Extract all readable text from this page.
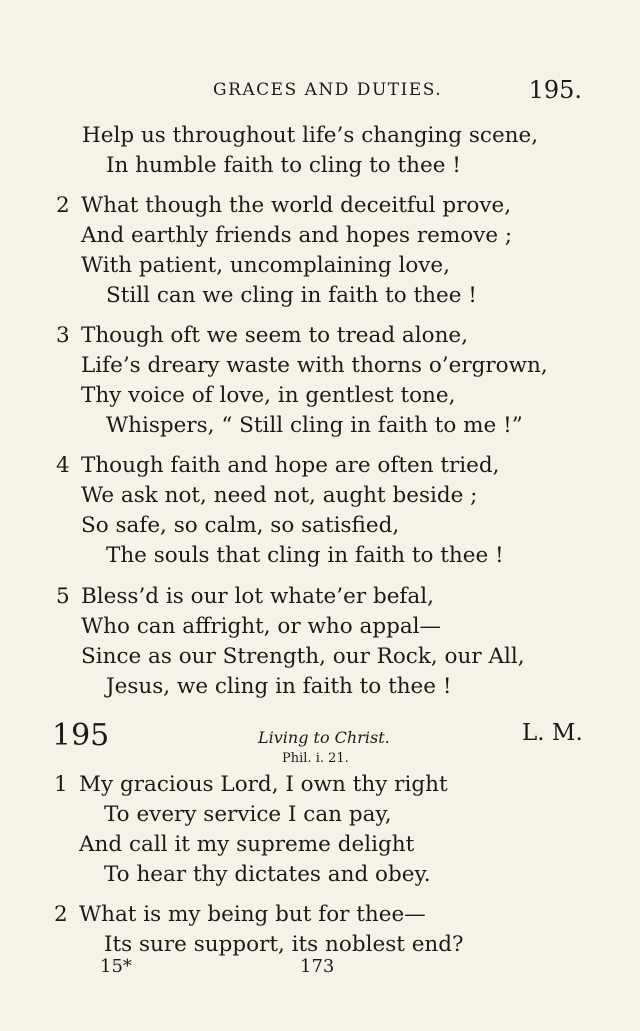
GRACES AND DUTIES.	195.
Help us throughout life’s changing scene,
In humble faith to cling to thee !
2 What though the world deceitful prove,
And earthly friends and hopes remove ;
With patient, uncomplaining love,
Still can we cling in faith to thee !
3 Though oft we seem to tread alone,
Life’s dreary waste with thorns o’ergrown,
Thy voice of love, in gentlest tone,
Whispers, “ Still cling in faith to me !”
4 Though faith and hope are often tried,
We ask not, need not, aught beside ;
So safe, so calm, so satisfied,
The souls that cling in faith to thee !
5 Bless’d is our lot whate’er befal,
Who can affright, or who appal—
Since as our Strength, our Rock, our All,
Jesus, we cling in faith to thee !
195	Living to Christ.	L. M.
Phil. i. 21.
1 My gracious Lord, I own thy right
To every service I can pay,
And call it my supreme delight
To hear thy dictates and obey.
2 What is my being but for thee—
Its sure support, its noblest end?
15*	173
